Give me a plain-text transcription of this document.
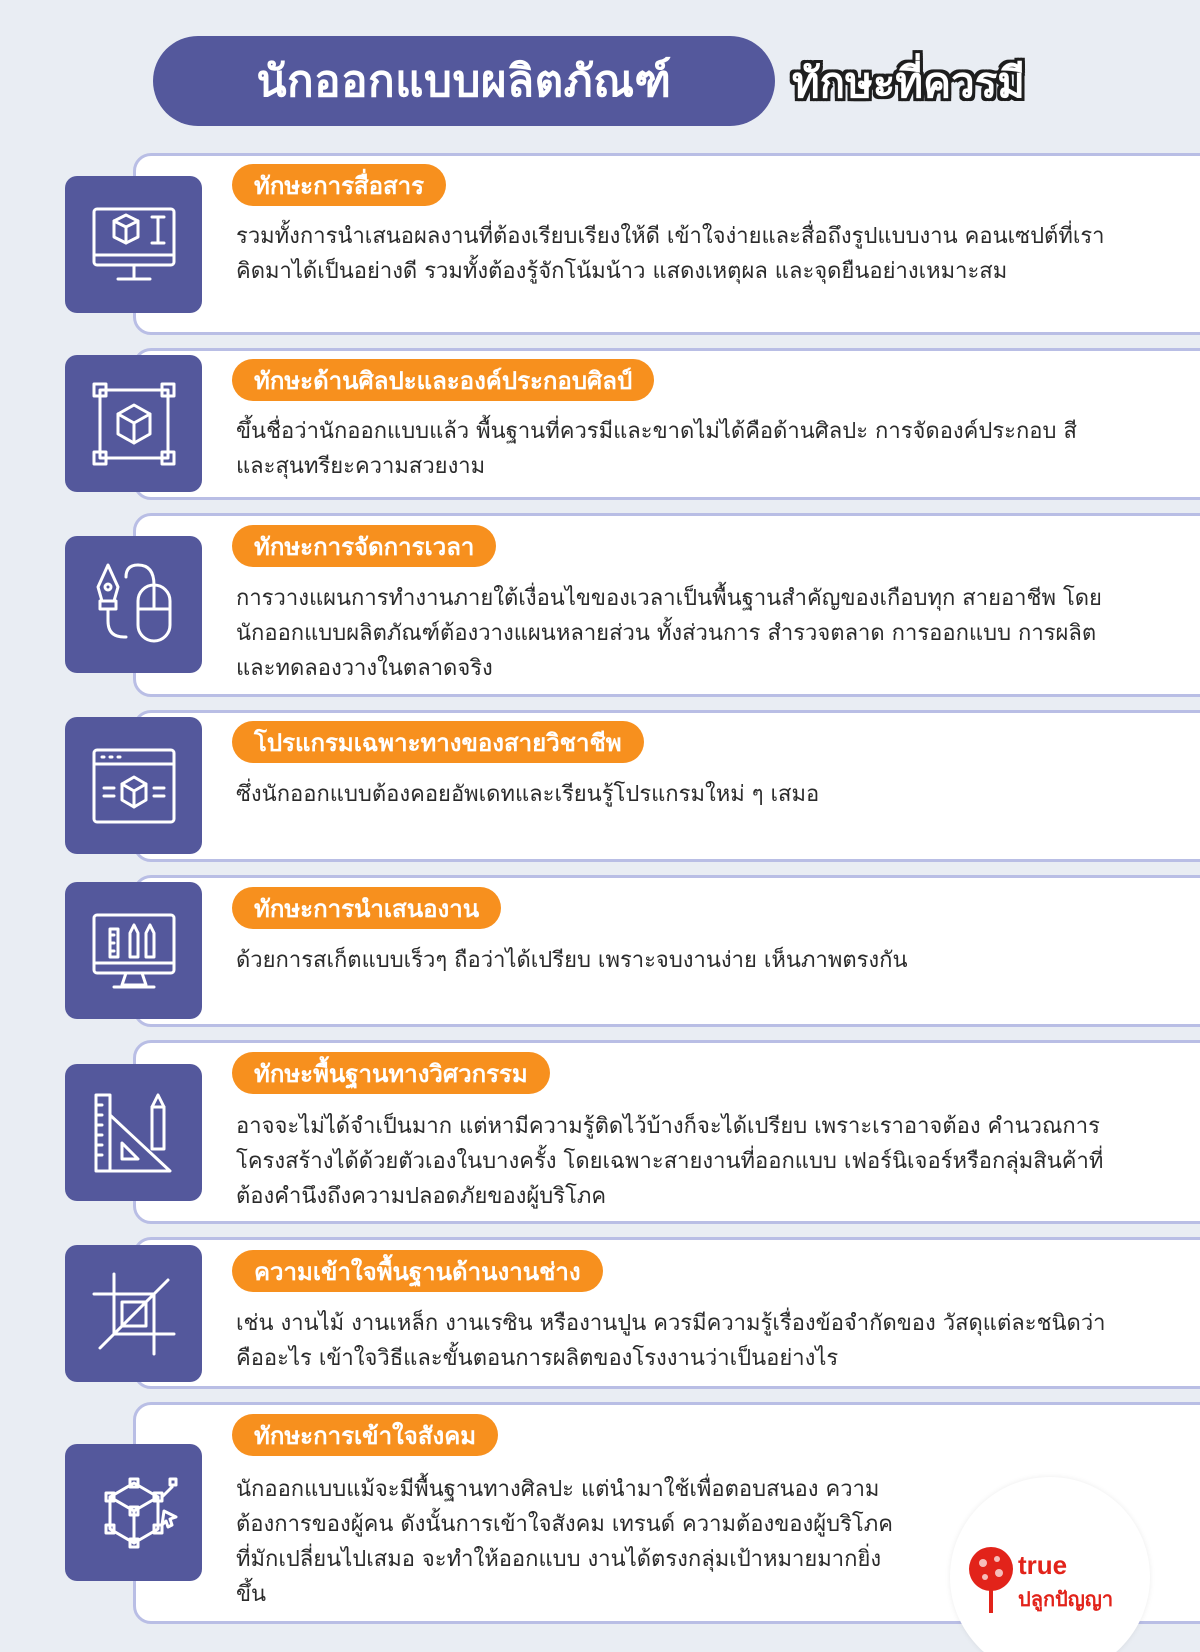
นักออกแบบผลิตภัณฑ์	ทักษะที่ควรมี
ทักษะการสื่อสาร
รวมทั้งการนำเสนอผลงานที่ต้องเรียบเรียงให้ดี เข้าใจง่ายและสื่อถึงรูปแบบงาน คอนเซปต์ที่เราคิดมาได้เป็นอย่างดี รวมทั้งต้องรู้จักโน้มน้าว แสดงเหตุผล และจุดยืนอย่างเหมาะสม
ทักษะด้านศิลปะและองค์ประกอบศิลป์
ขึ้นชื่อว่านักออกแบบแล้ว พื้นฐานที่ควรมีและขาดไม่ได้คือด้านศิลปะ การจัดองค์ประกอบ สี และสุนทรียะความสวยงาม
ทักษะการจัดการเวลา
การวางแผนการทำงานภายใต้เงื่อนไขของเวลาเป็นพื้นฐานสำคัญของเกือบทุก สายอาชีพ โดยนักออกแบบผลิตภัณฑ์ต้องวางแผนหลายส่วน ทั้งส่วนการ สำรวจตลาด การออกแบบ การผลิต และทดลองวางในตลาดจริง
โปรแกรมเฉพาะทางของสายวิชาชีพ
ซึ่งนักออกแบบต้องคอยอัพเดทและเรียนรู้โปรแกรมใหม่ ๆ เสมอ
ทักษะการนำเสนองาน
ด้วยการสเก็ตแบบเร็วๆ ถือว่าได้เปรียบ เพราะจบงานง่าย เห็นภาพตรงกัน
ทักษะพื้นฐานทางวิศวกรรม
อาจจะไม่ได้จำเป็นมาก แต่หามีความรู้ติดไว้บ้างก็จะได้เปรียบ เพราะเราอาจต้อง คำนวณการโครงสร้างได้ด้วยตัวเองในบางครั้ง โดยเฉพาะสายงานที่ออกแบบ เฟอร์นิเจอร์หรือกลุ่มสินค้าที่ต้องคำนึงถึงความปลอดภัยของผู้บริโภค
ความเข้าใจพื้นฐานด้านงานช่าง
เช่น งานไม้ งานเหล็ก งานเรซิน หรืองานปูน ควรมีความรู้เรื่องข้อจำกัดของ วัสดุแต่ละชนิดว่าคืออะไร เข้าใจวิธีและขั้นตอนการผลิตของโรงงานว่าเป็นอย่างไร
ทักษะการเข้าใจสังคม
นักออกแบบแม้จะมีพื้นฐานทางศิลปะ แต่นำมาใช้เพื่อตอบสนอง ความต้องการของผู้คน ดังนั้นการเข้าใจสังคม เทรนด์ ความต้องของผู้บริโภคที่มักเปลี่ยนไปเสมอ จะทำให้ออกแบบ งานได้ตรงกลุ่มเป้าหมายมากยิ่งขึ้น
true
ปลูกปัญญา
